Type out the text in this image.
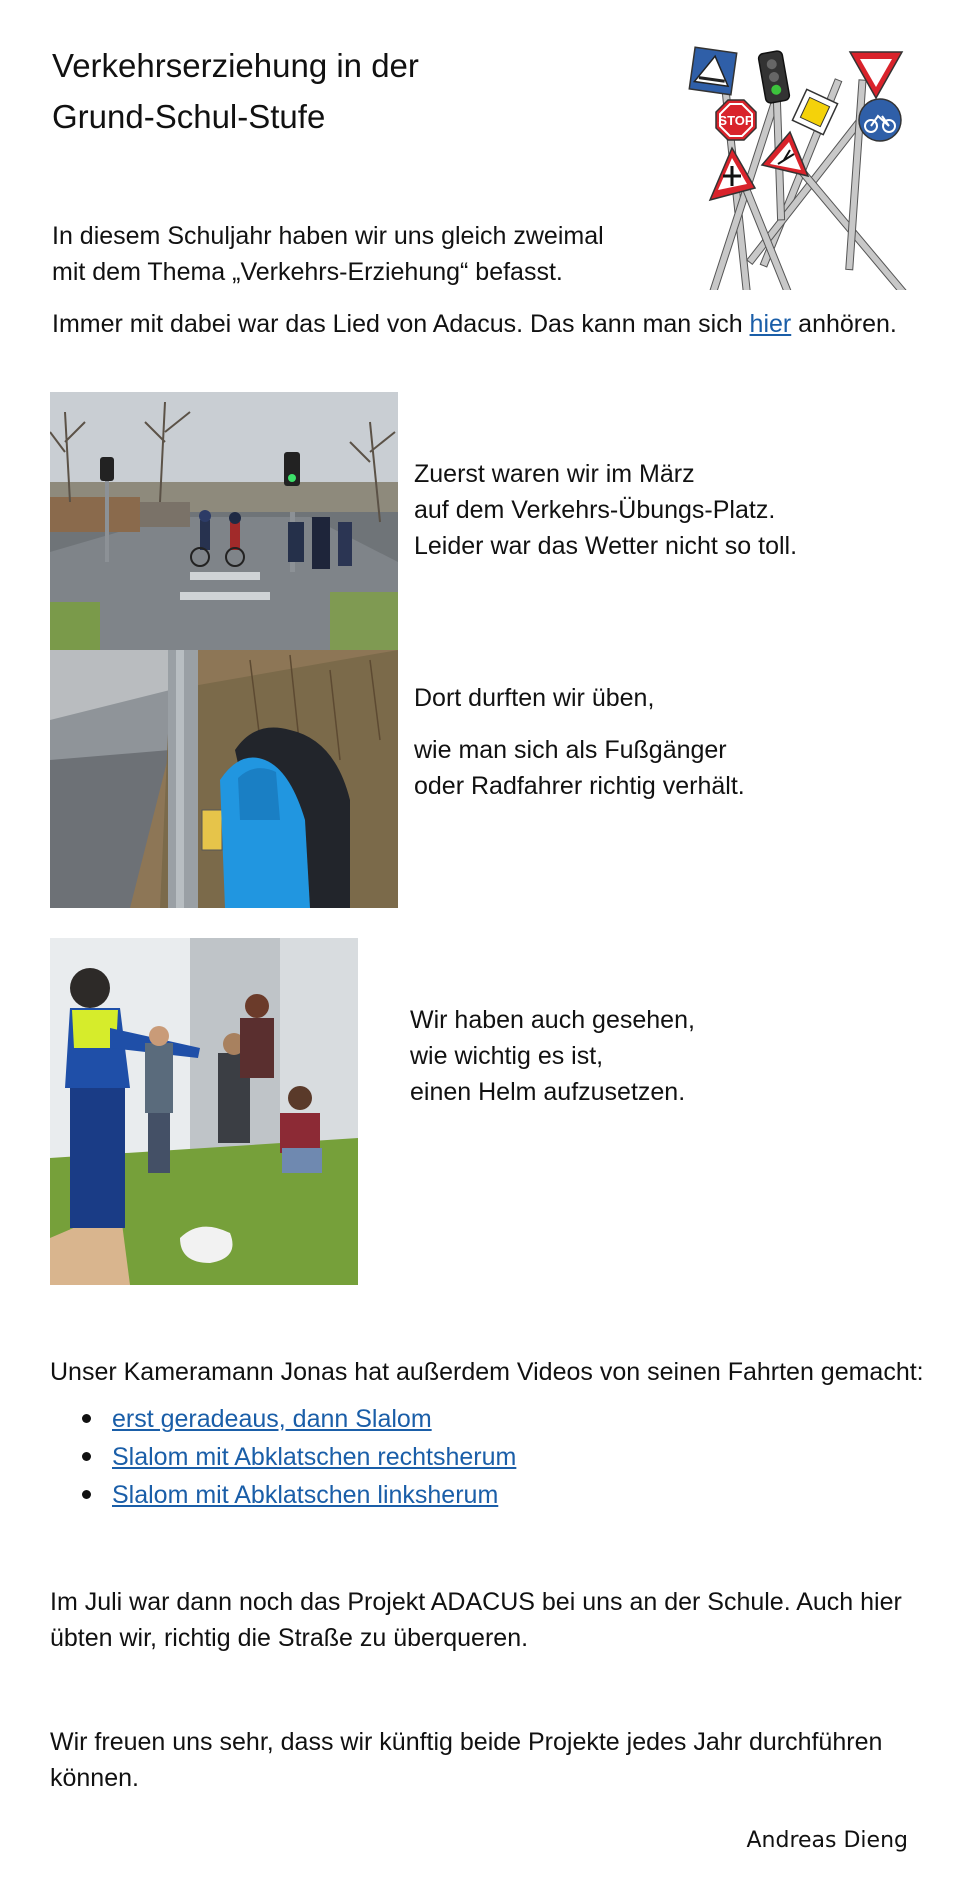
Verkehrserziehung in der
Grund-Schul-Stufe	STOP

In diesem Schuljahr haben wir uns gleich zweimal
mit dem Thema „Verkehrs-Erziehung“ befasst.

Immer mit dabei war das Lied von Adacus. Das kann man sich hier anhören.

Zuerst waren wir im März
auf dem Verkehrs-Übungs-Platz.
Leider war das Wetter nicht so toll.

Dort durften wir üben,

wie man sich als Fußgänger
oder Radfahrer richtig verhält.

Wir haben auch gesehen,
wie wichtig es ist,
einen Helm aufzusetzen.

Unser Kameramann Jonas hat außerdem Videos von seinen Fahrten gemacht:

erst geradeaus, dann Slalom
Slalom mit Abklatschen rechtsherum
Slalom mit Abklatschen linksherum

Im Juli war dann noch das Projekt ADACUS bei uns an der Schule. Auch hier
übten wir, richtig die Straße zu überqueren.

Wir freuen uns sehr, dass wir künftig beide Projekte jedes Jahr durchführen
können.

Andreas Dieng
